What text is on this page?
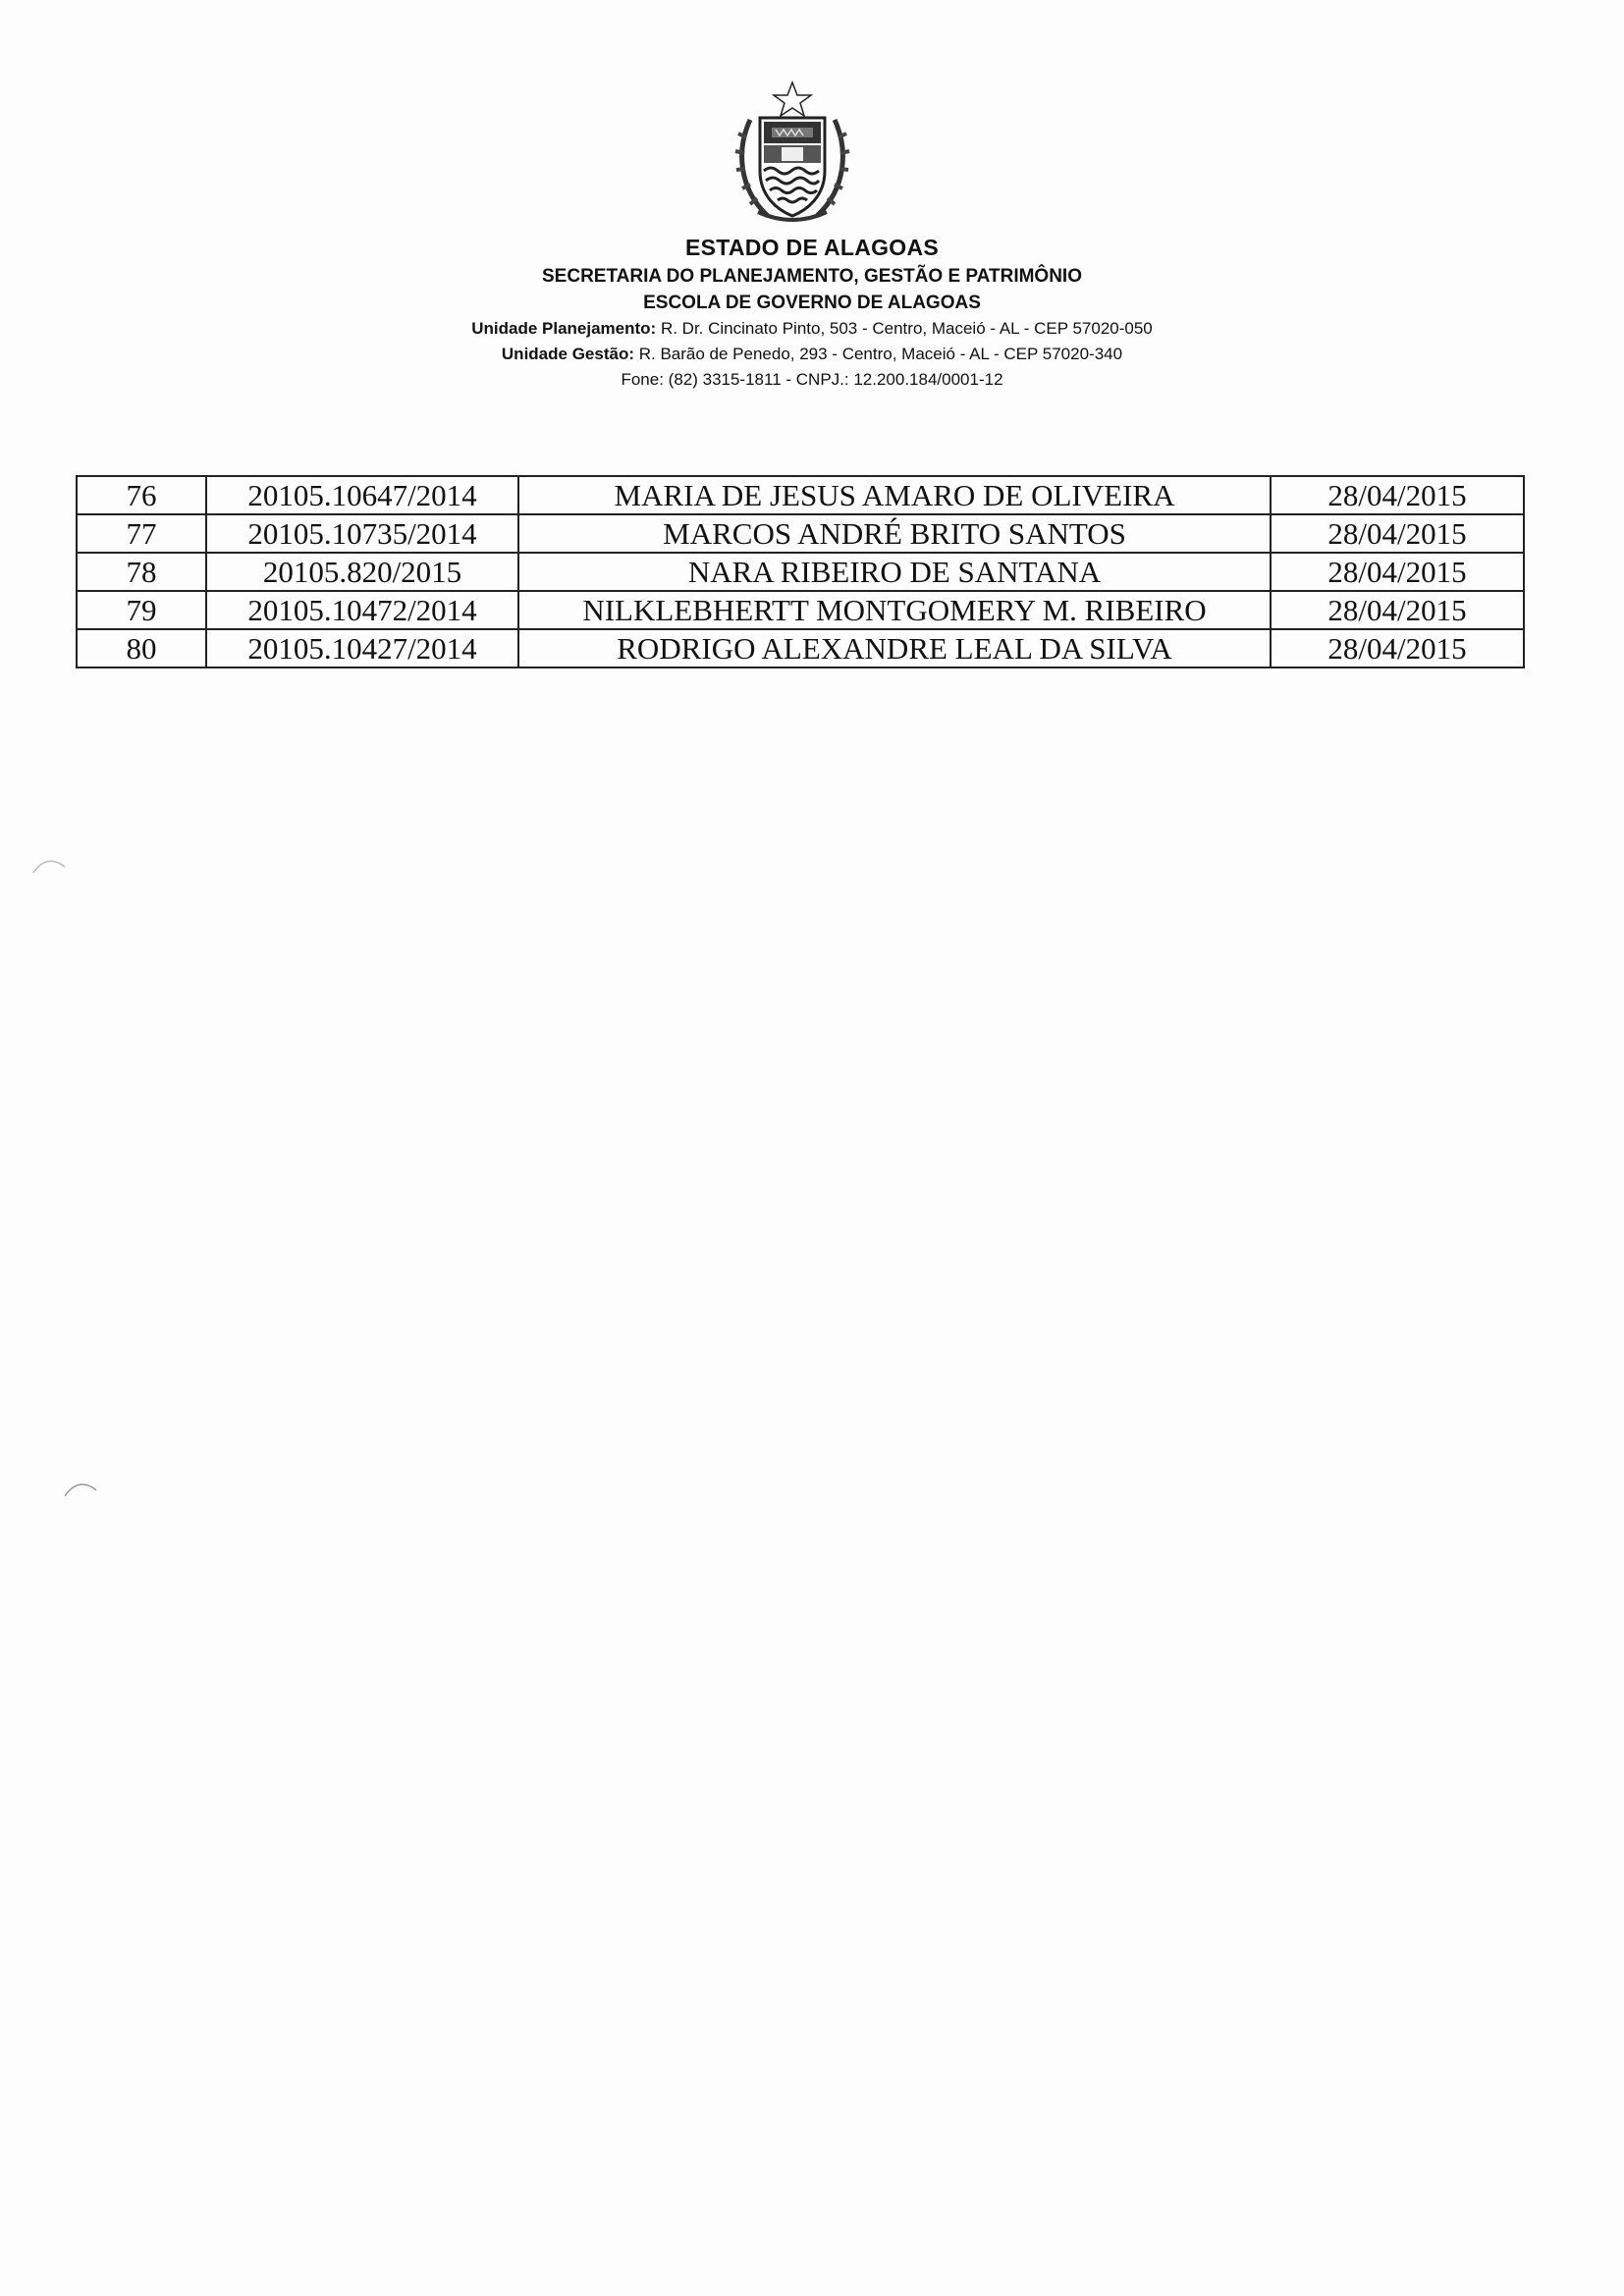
ESTADO DE ALAGOAS
SECRETARIA DO PLANEJAMENTO, GESTÃO E PATRIMÔNIO
ESCOLA DE GOVERNO DE ALAGOAS
Unidade Planejamento: R. Dr. Cincinato Pinto, 503 - Centro, Maceió - AL - CEP 57020-050
Unidade Gestão: R. Barão de Penedo, 293 - Centro, Maceió - AL - CEP 57020-340
Fone: (82) 3315-1811 - CNPJ.: 12.200.184/0001-12
76	20105.10647/2014	MARIA DE JESUS AMARO DE OLIVEIRA	28/04/2015
77	20105.10735/2014	MARCOS ANDRÉ BRITO SANTOS	28/04/2015
78	20105.820/2015	NARA RIBEIRO DE SANTANA	28/04/2015
79	20105.10472/2014	NILKLEBHERTT MONTGOMERY M. RIBEIRO	28/04/2015
80	20105.10427/2014	RODRIGO ALEXANDRE LEAL DA SILVA	28/04/2015
